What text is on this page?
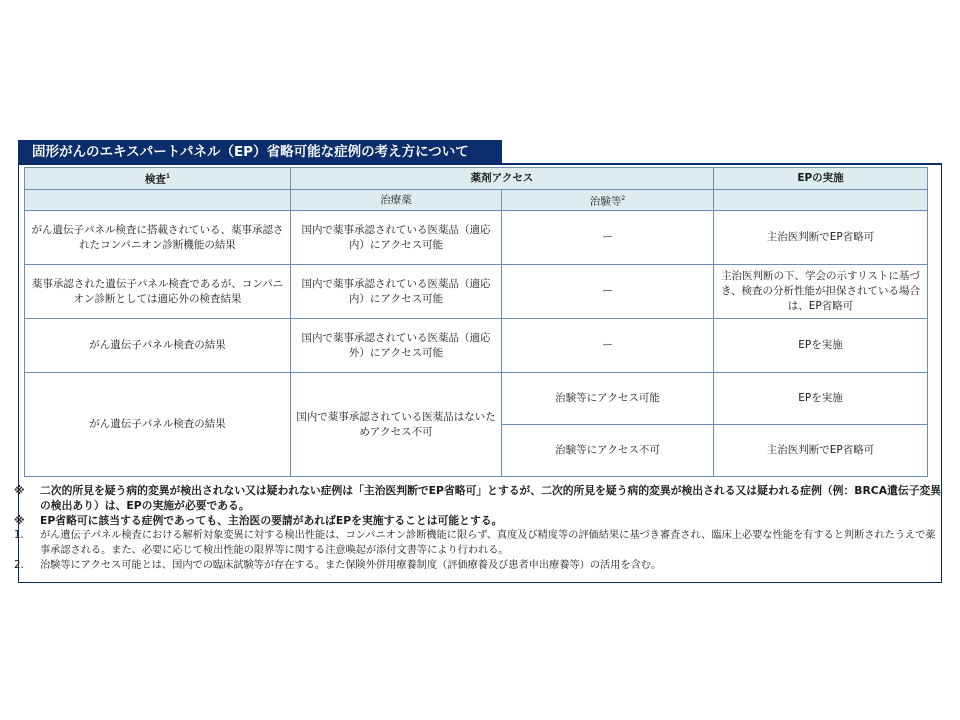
固形がんのエキスパートパネル（EP）省略可能な症例の考え方について
検査$^1$	薬剤アクセス		EPの実施
	治療薬	治験等$^2$	
がん遺伝子パネル検査に搭載されている、薬事承認されたコンパニオン診断機能の結果	国内で薬事承認されている医薬品（適応内）にアクセス可能	ー	主治医判断でEP省略可
薬事承認された遺伝子パネル検査であるが、コンパニオン診断としては適応外の検査結果	国内で薬事承認されている医薬品（適応内）にアクセス可能	ー	主治医判断の下、学会の示すリストに基づき、検査の分析性能が担保されている場合は、EP省略可
がん遺伝子パネル検査の結果	国内で薬事承認されている医薬品（適応外）にアクセス可能	ー	EPを実施
がん遺伝子パネル検査の結果	国内で薬事承認されている医薬品はないためアクセス不可	治験等にアクセス可能	EPを実施
		治験等にアクセス不可	主治医判断でEP省略可
※	二次的所見を疑う病的変異が検出されない又は疑われない症例は「主治医判断でEP省略可」とするが、二次的所見を疑う病的変異が検出される又は疑われる症例（例：BRCA遺伝子変異の検出あり）は、EPの実施が必要である。
※	EP省略可に該当する症例であっても、主治医の要請があればEPを実施することは可能とする。
1.	がん遺伝子パネル検査における解析対象変異に対する検出性能は、コンパニオン診断機能に限らず、真度及び精度等の評価結果に基づき審査され、臨床上必要な性能を有すると判断されたうえで薬事承認される。また、必要に応じて検出性能の限界等に関する注意喚起が添付文書等により行われる。
2.	治験等にアクセス可能とは、国内での臨床試験等が存在する。また保険外併用療養制度（評価療養及び患者申出療養等）の活用を含む。
